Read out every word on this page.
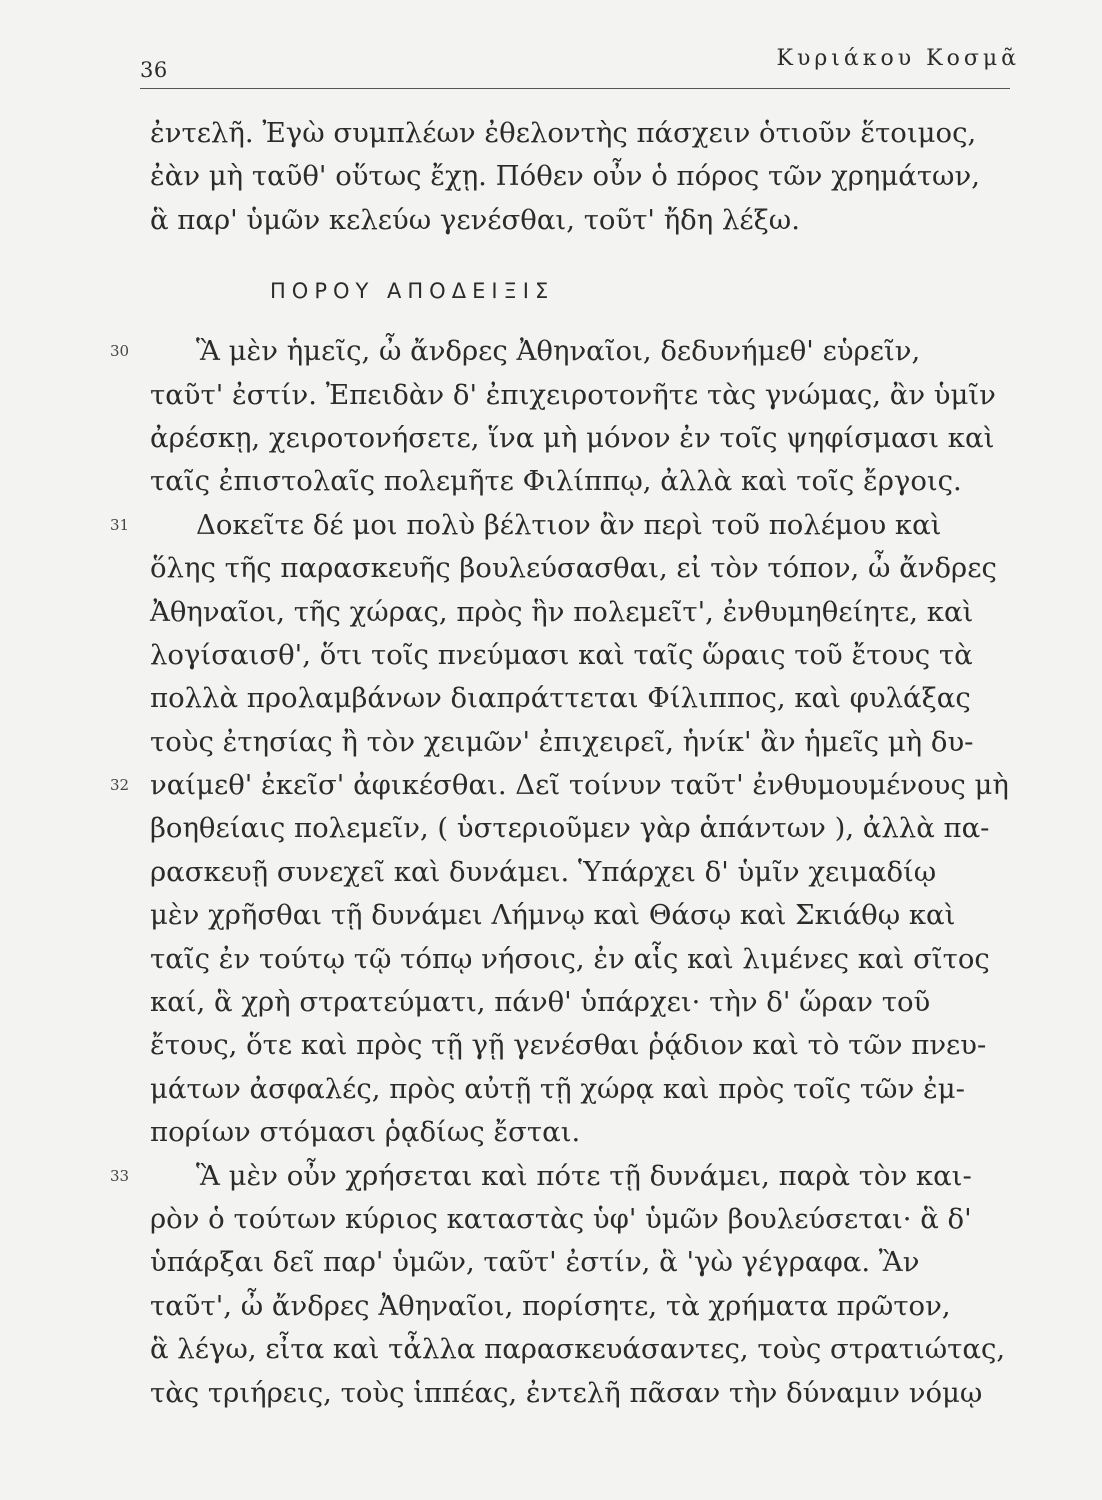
36	Κυριάκου Κοσμᾶ
ἐντελῆ. Ἐγὼ συμπλέων ἐθελοντὴς πάσχειν ὁτιοῦν ἕτοιμος,
ἐὰν μὴ ταῦθ' οὕτως ἔχῃ. Πόθεν οὖν ὁ πόρος τῶν χρημάτων,
ἃ παρ' ὑμῶν κελεύω γενέσθαι, τοῦτ' ἤδη λέξω.
ΠΟΡΟΥ ΑΠΟΔΕΙΞΙΣ
30 Ἃ μὲν ἡμεῖς, ὦ ἄνδρες Ἀθηναῖοι, δεδυνήμεθ' εὑρεῖν,
ταῦτ' ἐστίν. Ἐπειδὰν δ' ἐπιχειροτονῆτε τὰς γνώμας, ἂν ὑμῖν
ἀρέσκῃ, χειροτονήσετε, ἵνα μὴ μόνον ἐν τοῖς ψηφίσμασι καὶ
ταῖς ἐπιστολαῖς πολεμῆτε Φιλίππῳ, ἀλλὰ καὶ τοῖς ἔργοις.
31 Δοκεῖτε δέ μοι πολὺ βέλτιον ἂν περὶ τοῦ πολέμου καὶ
ὅλης τῆς παρασκευῆς βουλεύσασθαι, εἰ τὸν τόπον, ὦ ἄνδρες
Ἀθηναῖοι, τῆς χώρας, πρὸς ἣν πολεμεῖτ', ἐνθυμηθείητε, καὶ
λογίσαισθ', ὅτι τοῖς πνεύμασι καὶ ταῖς ὥραις τοῦ ἔτους τὰ
πολλὰ προλαμβάνων διαπράττεται Φίλιππος, καὶ φυλάξας
τοὺς ἐτησίας ἢ τὸν χειμῶν' ἐπιχειρεῖ, ἡνίκ' ἂν ἡμεῖς μὴ δυ-
32 ναίμεθ' ἐκεῖσ' ἀφικέσθαι. Δεῖ τοίνυν ταῦτ' ἐνθυμουμένους μὴ
βοηθείαις πολεμεῖν, ( ὑστεριοῦμεν γὰρ ἁπάντων ), ἀλλὰ πα-
ρασκευῇ συνεχεῖ καὶ δυνάμει. Ὑπάρχει δ' ὑμῖν χειμαδίῳ
μὲν χρῆσθαι τῇ δυνάμει Λήμνῳ καὶ Θάσῳ καὶ Σκιάθῳ καὶ
ταῖς ἐν τούτῳ τῷ τόπῳ νήσοις, ἐν αἷς καὶ λιμένες καὶ σῖτος
καί, ἃ χρὴ στρατεύματι, πάνθ' ὑπάρχει· τὴν δ' ὥραν τοῦ
ἔτους, ὅτε καὶ πρὸς τῇ γῇ γενέσθαι ῥᾴδιον καὶ τὸ τῶν πνευ-
μάτων ἀσφαλές, πρὸς αὐτῇ τῇ χώρᾳ καὶ πρὸς τοῖς τῶν ἐμ-
πορίων στόμασι ῥᾳδίως ἔσται.
33 Ἃ μὲν οὖν χρήσεται καὶ πότε τῇ δυνάμει, παρὰ τὸν και-
ρὸν ὁ τούτων κύριος καταστὰς ὑφ' ὑμῶν βουλεύσεται· ἃ δ'
ὑπάρξαι δεῖ παρ' ὑμῶν, ταῦτ' ἐστίν, ἃ 'γὼ γέγραφα. Ἂν
ταῦτ', ὦ ἄνδρες Ἀθηναῖοι, πορίσητε, τὰ χρήματα πρῶτον,
ἃ λέγω, εἶτα καὶ τἆλλα παρασκευάσαντες, τοὺς στρατιώτας,
τὰς τριήρεις, τοὺς ἱππέας, ἐντελῆ πᾶσαν τὴν δύναμιν νόμῳ
